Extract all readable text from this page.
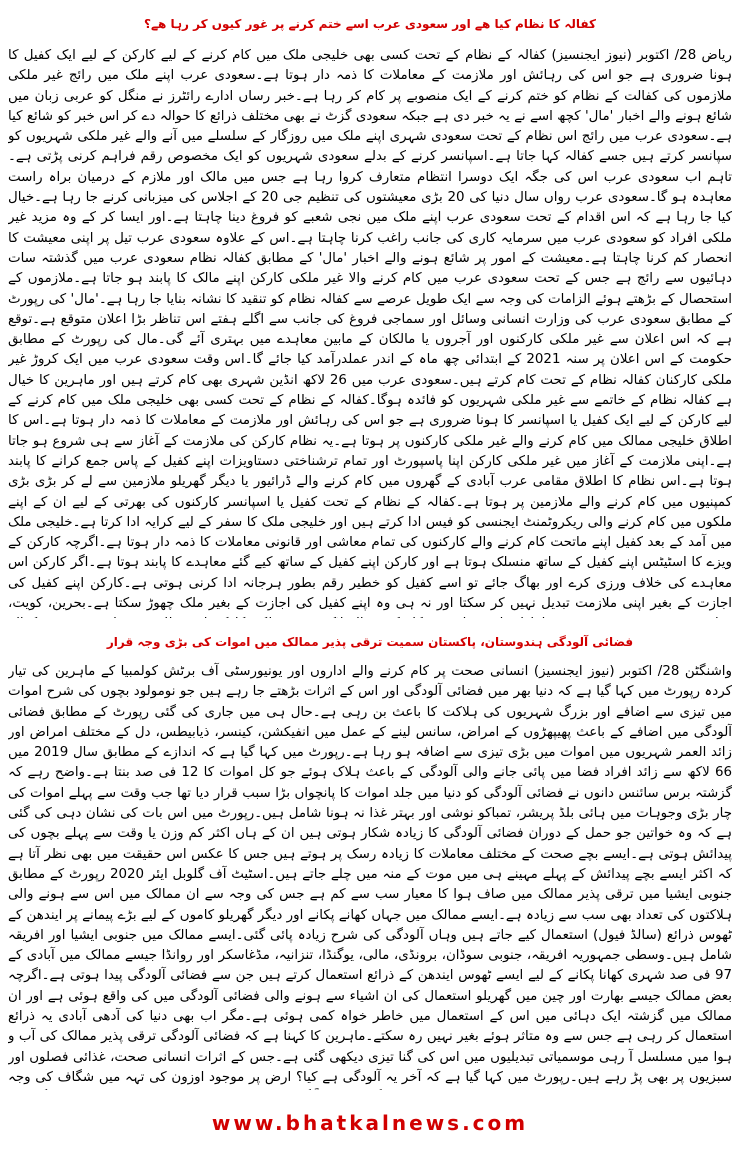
کفالہ کا نظام کیا ھے اور سعودی عرب اسے ختم کرنے پر غور کیوں کر رہا ھے؟

ریاض 28/ اکتوبر (نیوز ایجنسیز) کفالہ کے نظام کے تحت کسی بھی خلیجی ملک میں کام کرنے کے لیے کارکن کے لیے ایک کفیل کا ہونا ضروری ہے جو اس کی رہائش اور ملازمت کے معاملات کا ذمہ دار ہوتا ہے۔سعودی عرب اپنے ملک میں رائج غیر ملکی ملازموں کی کفالت کے نظام کو ختم کرنے کے ایک منصوبے پر کام کر رہا ہے۔خبر رساں ادارے رائٹرز نے منگل کو عربی زبان میں شائع ہونے والے اخبار 'مال' کچھ اسے نے یہ خبر دی ہے جبکہ سعودی گزٹ نے بھی مختلف ذرائع کا حوالہ دے کر اس خبر کو شائع کیا ہے۔سعودی عرب میں رائج اس نظام کے تحت سعودی شہری اپنے ملک میں روزگار کے سلسلے میں آنے والے غیر ملکی شہریوں کو سپانسر کرتے ہیں جسے کفالہ کہا جاتا ہے۔اسپانسر کرنے کے بدلے سعودی شہریوں کو ایک مخصوص رقم فراہم کرنی پڑتی ہے۔تاہم اب سعودی عرب اس کی جگہ ایک دوسرا انتظام متعارف کروا رہا ہے جس میں مالک اور ملازم کے درمیان براہ راست معاہدہ ہو گا۔سعودی عرب رواں سال دنیا کی 20 بڑی معیشتوں کی تنظیم جی 20 کے اجلاس کی میزبانی کرنے جا رہا ہے۔خیال کیا جا رہا ہے کہ اس اقدام کے تحت سعودی عرب اپنے ملک میں نجی شعبے کو فروغ دینا چاہتا ہے۔اور ایسا کر کے وہ مزید غیر ملکی افراد کو سعودی عرب میں سرمایہ کاری کی جانب راغب کرنا چاہتا ہے۔اس کے علاوہ سعودی عرب تیل پر اپنی معیشت کا انحصار کم کرنا چاہتا ہے۔معیشت کے امور پر شائع ہونے والے اخبار 'مال' کے مطابق کفالہ نظام سعودی عرب میں گذشتہ سات دہائیوں سے رائج ہے جس کے تحت سعودی عرب میں کام کرنے والا غیر ملکی کارکن اپنے مالک کا پابند ہو جاتا ہے۔ملازموں کے استحصال کے بڑھتے ہوئے الزامات کی وجہ سے ایک طویل عرصے سے کفالہ نظام کو تنقید کا نشانہ بنایا جا رہا ہے۔'مال' کی رپورٹ کے مطابق سعودی عرب کی وزارت انسانی وسائل اور سماجی فروغ کی جانب سے اگلے ہفتے اس تناظر بڑا اعلان متوقع ہے۔توقع ہے کہ اس اعلان سے غیر ملکی کارکنوں اور آجروں یا مالکان کے مابین معاہدے میں بہتری آئے گی۔مال کی رپورٹ کے مطابق حکومت کے اس اعلان پر سنہ 2021 کے ابتدائی چھ ماہ کے اندر عملدرآمد کیا جائے گا۔اس وقت سعودی عرب میں ایک کروڑ غیر ملکی کارکنان کفالہ نظام کے تحت کام کرتے ہیں۔سعودی عرب میں 26 لاکھ انڈین شہری بھی کام کرتے ہیں اور ماہرین کا خیال ہے کفالہ نظام کے خاتمے سے غیر ملکی شہریوں کو فائدہ ہوگا۔کفالہ کے نظام کے تحت کسی بھی خلیجی ملک میں کام کرنے کے لیے کارکن کے لیے ایک کفیل یا اسپانسر کا ہونا ضروری ہے جو اس کی رہائش اور ملازمت کے معاملات کا ذمہ دار ہوتا ہے۔اس کا اطلاق خلیجی ممالک میں کام کرنے والے غیر ملکی کارکنوں پر ہوتا ہے۔یہ نظام کارکن کی ملازمت کے آغاز سے ہی شروع ہو جاتا ہے۔اپنی ملازمت کے آغاز میں غیر ملکی کارکن اپنا پاسپورٹ اور تمام ترشناختی دستاویزات اپنے کفیل کے پاس جمع کرانے کا پابند ہوتا ہے۔اس نظام کا اطلاق مقامی عرب آبادی کے گھروں میں کام کرنے والے ڈرائیور یا دیگر گھریلو ملازمین سے لے کر بڑی بڑی کمپنیوں میں کام کرنے والے ملازمین پر ہوتا ہے۔کفالہ کے نظام کے تحت کفیل یا اسپانسر کارکنوں کی بھرتی کے لیے ان کے اپنے ملکوں میں کام کرنے والی ریکروٹمنٹ ایجنسی کو فیس ادا کرتے ہیں اور خلیجی ملک کا سفر کے لیے کرایہ ادا کرتا ہے۔خلیجی ملک میں آمد کے بعد کفیل اپنے ماتحت کام کرنے والے کارکنوں کی تمام معاشی اور قانونی معاملات کا ذمہ دار ہوتا ہے۔اگرچہ کارکن کے ویزے کا اسٹیٹس اپنے کفیل کے ساتھ منسلک ہوتا ہے اور کارکن اپنے کفیل کے ساتھ کیے گئے معاہدے کا پابند ہوتا ہے۔اگر کارکن اس معاہدے کی خلاف ورزی کرے اور بھاگ جائے تو اسے کفیل کو خطیر رقم بطور ہرجانہ ادا کرنی ہوتی ہے۔کارکن اپنے کفیل کی اجازت کے بغیر اپنی ملازمت تبدیل نہیں کر سکتا اور نہ ہی وہ اپنے کفیل کی اجازت کے بغیر ملک چھوڑ سکتا ہے۔بحرین، کویت،

فضائی آلودگی ہندوستان، پاکستان سمیت ترقی پذیر ممالک میں اموات کی بڑی وجہ قرار

واشنگٹن 28/ اکتوبر (نیوز ایجنسیز) انسانی صحت پر کام کرنے والے اداروں اور یونیورسٹی آف برٹش کولمبیا کے ماہرین کی تیار کردہ رپورٹ میں کہا گیا ہے کہ دنیا بھر میں فضائی آلودگی اور اس کے اثرات بڑھتے جا رہے ہیں جو نومولود بچوں کی شرح اموات میں تیزی سے اضافے اور بزرگ شہریوں کی ہلاکت کا باعث بن رہی ہے۔حال ہی میں جاری کی گئی رپورٹ کے مطابق فضائی آلودگی میں اضافے کے باعث پھیپھڑوں کے امراض، سانس لینے کے عمل میں انفیکشن، کینسر، ذیابیطس، دل کے مختلف امراض اور زائد العمر شہریوں میں اموات میں بڑی تیزی سے اضافہ ہو رہا ہے۔رپورٹ میں کہا گیا ہے کہ اندازے کے مطابق سال 2019 میں 66 لاکھ سے زائد افراد فضا میں پائی جانے والی آلودگی کے باعث ہلاک ہوئے جو کل اموات کا 12 فی صد بنتا ہے۔واضح رہے کہ گزشتہ برس سائنس دانوں نے فضائی آلودگی کو دنیا میں جلد اموات کا پانچواں بڑا سبب قرار دیا تھا جب وقت سے پہلے اموات کی چار بڑی وجوہات میں ہائی بلڈ پریشر، تمباکو نوشی اور بہتر غذا نہ ہونا شامل ہیں۔رپورٹ میں اس بات کی نشان دہی کی گئی ہے کہ وہ خواتین جو حمل کے دوران فضائی آلودگی کا زیادہ شکار ہوتی ہیں ان کے ہاں اکثر کم وزن یا وقت سے پہلے بچوں کی پیدائش ہوتی ہے۔ایسے بچے صحت کے مختلف معاملات کا زیادہ رسک پر ہوتے ہیں جس کا عکس اس حقیقت میں بھی نظر آتا ہے کہ اکثر ایسے بچے پیدائش کے پہلے مہینے ہی میں موت کے منہ میں چلے جاتے ہیں۔اسٹیٹ آف گلوبل ایئر 2020 رپورٹ کے مطابق جنوبی ایشیا میں ترقی پذیر ممالک میں صاف ہوا کا معیار سب سے کم ہے جس کی وجہ سے ان ممالک میں اس سے ہونے والی ہلاکتوں کی تعداد بھی سب سے زیادہ ہے۔ایسے ممالک میں جہاں کھانے پکانے اور دیگر گھریلو کاموں کے لیے بڑے پیمانے پر ایندھن کے ٹھوس ذرائع (سالڈ فیول) استعمال کیے جاتے ہیں وہاں آلودگی کی شرح زیادہ پائی گئی۔ایسے ممالک میں جنوبی ایشیا اور افریقہ شامل ہیں۔وسطی جمہوریہ افریقہ، جنوبی سوڈان، برونڈی، مالی، یوگنڈا، تنزانیہ، مڈغاسکر اور روانڈا جیسے ممالک میں آبادی کے 97 فی صد شہری کھانا پکانے کے لیے ایسے ٹھوس ایندھن کے ذرائع استعمال کرتے ہیں جن سے فضائی آلودگی پیدا ہوتی ہے۔اگرچہ بعض ممالک جیسے بھارت اور چین میں گھریلو استعمال کی ان اشیاء سے ہونے والی فضائی آلودگی میں کی واقع ہوئی ہے اور ان ممالک میں گزشتہ ایک دہائی میں اس کے استعمال میں خاطر خواہ کمی ہوئی ہے۔مگر اب بھی دنیا کی آدھی آبادی یہ ذرائع استعمال کر رہی ہے جس سے وہ متاثر ہوئے بغیر نہیں رہ سکتے۔ماہرین کا کہنا ہے کہ فضائی آلودگی ترقی پذیر ممالک کی آب و ہوا میں مسلسل آ رہی موسمیاتی تبدیلیوں میں اس کی گنا تیزی دیکھی گئی ہے۔جس کے اثرات انسانی صحت، غذائی فصلوں اور سبزیوں پر بھی پڑ رہے ہیں۔رپورٹ میں کہا گیا ہے کہ آخر یہ آلودگی ہے کیا؟ ارض پر موجود اوزون کی تہہ میں شگاف کی وجہ

www.bhatkalnews.com
